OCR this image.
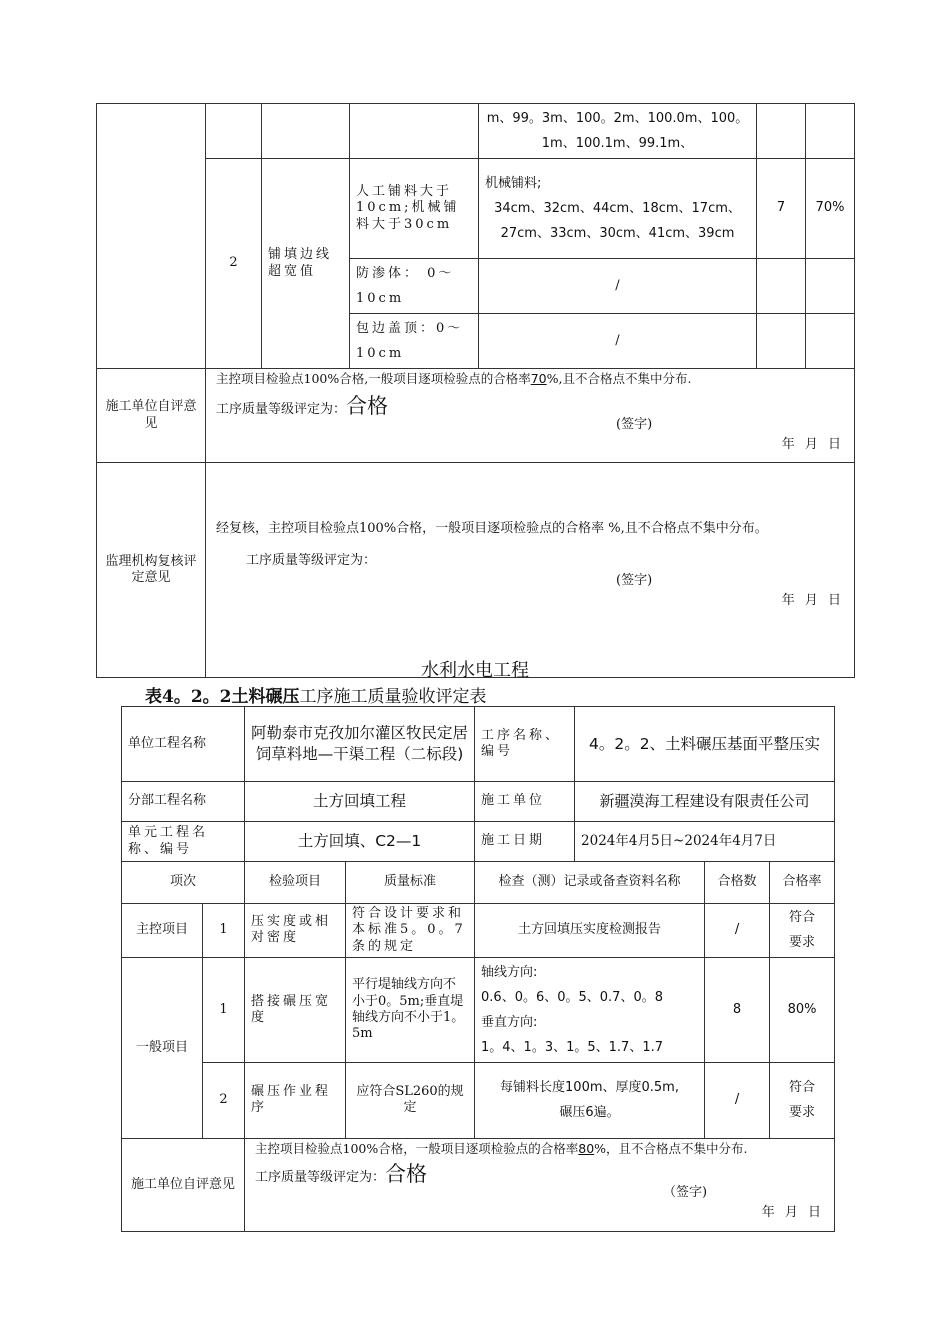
				m、99。3m、100。2m、100.0m、100。1m、100.1m、99.1m、		
	2	铺填边线超宽值	人工铺料大于10cm;机械铺料大于30cm	机械铺料;
34cm、32cm、44cm、18cm、17cm、
27cm、33cm、30cm、41cm、39cm	7	70%
			防渗体： 0～10cm	/		
			包边盖顶：0～10cm	/		
施工单位自评意见	主控项目检验点100%合格,一般项目逐项检验点的合格率70%,且不合格点不集中分布.
工序质量等级评定为：合格
(签字)
年 月 日					

监理机构复核评定意见	经复核，主控项目检验点100%合格，一般项目逐项检验点的合格率 %,且不合格点不集中分布。
工序质量等级评定为：
(签字)
年 月 日					
水利水电工程
表4。2。2土料碾压工序施工质量验收评定表
单位工程名称		阿勒泰市克孜加尔灌区牧民定居饲草料地—干渠工程（二标段)		工序名称、编号	4。2。2、土料碾压基面平整压实		
分部工程名称		土方回填工程		施工单位	新疆漠海工程建设有限责任公司		
单元工程名称、编号		土方回填、C2—1		施工日期	2024年4月5日~2024年4月7日		
项次		检验项目	质量标准	检查（测）记录或备查资料名称		合格数	合格率
主控项目	1	压实度或相对密度	符合设计要求和本标准5。0。7条的规定	土方回填压实度检测报告		/	符合要求
一般项目	1	搭接碾压宽度	平行堤轴线方向不小于0。5m;垂直堤轴线方向不小于1。5m	轴线方向:
0.6、0。6、0。5、0.7、0。8
垂直方向:
1。4、1。3、1。5、1.7、1.7		8	80%
	2	碾压作业程序	应符合SL260的规定	每铺料长度100m、厚度0.5m,
碾压6遍。		/	符合要求
施工单位自评意见		主控项目检验点100%合格，一般项目逐项检验点的合格率80%，且不合格点不集中分布.
工序质量等级评定为：合格
（签字)
年 月 日					
